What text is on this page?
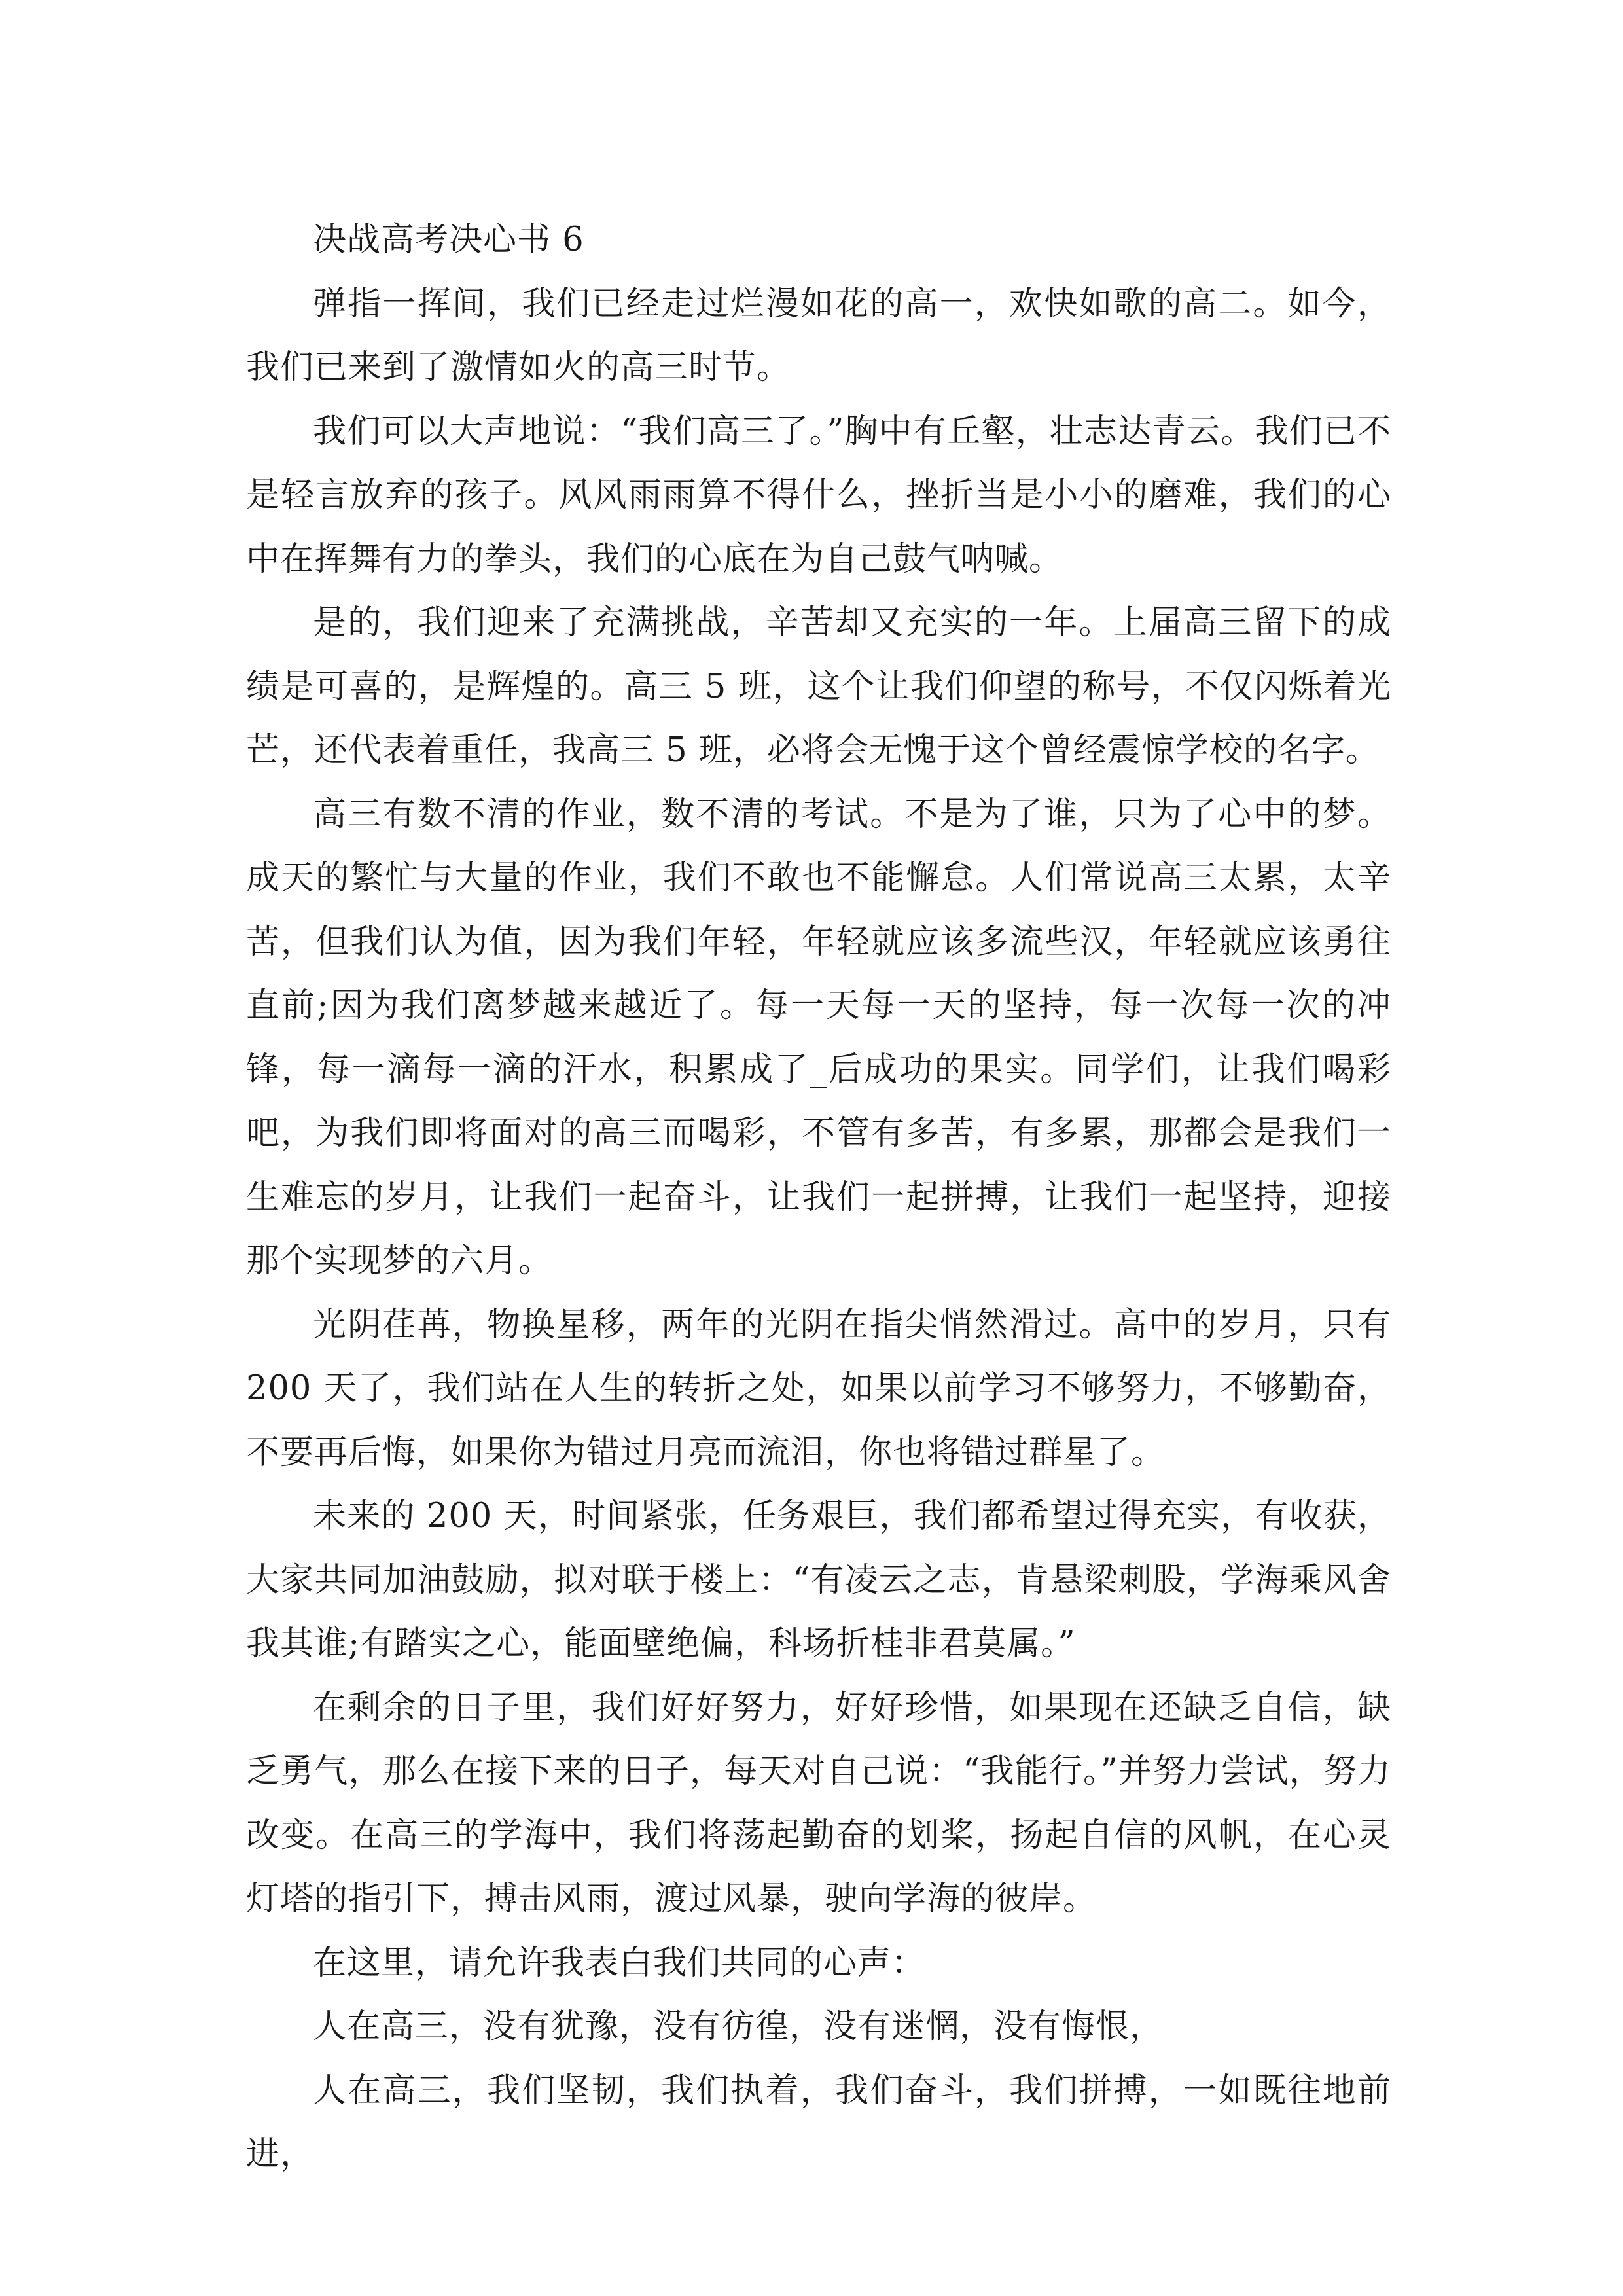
决战高考决心书 6

弹指一挥间，我们已经走过烂漫如花的高一，欢快如歌的高二。如今，我们已来到了激情如火的高三时节。

我们可以大声地说：“我们高三了。”胸中有丘壑，壮志达青云。我们已不是轻言放弃的孩子。风风雨雨算不得什么，挫折当是小小的磨难，我们的心中在挥舞有力的拳头，我们的心底在为自己鼓气呐喊。

是的，我们迎来了充满挑战，辛苦却又充实的一年。上届高三留下的成绩是可喜的，是辉煌的。高三 5 班，这个让我们仰望的称号，不仅闪烁着光芒，还代表着重任，我高三 5 班，必将会无愧于这个曾经震惊学校的名字。

高三有数不清的作业，数不清的考试。不是为了谁，只为了心中的梦。成天的繁忙与大量的作业，我们不敢也不能懈怠。人们常说高三太累，太辛苦，但我们认为值，因为我们年轻，年轻就应该多流些汉，年轻就应该勇往直前;因为我们离梦越来越近了。每一天每一天的坚持，每一次每一次的冲锋，每一滴每一滴的汗水，积累成了_后成功的果实。同学们，让我们喝彩吧，为我们即将面对的高三而喝彩，不管有多苦，有多累，那都会是我们一生难忘的岁月，让我们一起奋斗，让我们一起拼搏，让我们一起坚持，迎接那个实现梦的六月。

光阴荏苒，物换星移，两年的光阴在指尖悄然滑过。高中的岁月，只有 200 天了，我们站在人生的转折之处，如果以前学习不够努力，不够勤奋，不要再后悔，如果你为错过月亮而流泪，你也将错过群星了。

未来的 200 天，时间紧张，任务艰巨，我们都希望过得充实，有收获，大家共同加油鼓励，拟对联于楼上：“有凌云之志，肯悬梁刺股，学海乘风舍我其谁;有踏实之心，能面壁绝偏，科场折桂非君莫属。”

在剩余的日子里，我们好好努力，好好珍惜，如果现在还缺乏自信，缺乏勇气，那么在接下来的日子，每天对自己说：“我能行。”并努力尝试，努力改变。在高三的学海中，我们将荡起勤奋的划桨，扬起自信的风帆，在心灵灯塔的指引下，搏击风雨，渡过风暴，驶向学海的彼岸。

在这里，请允许我表白我们共同的心声：

人在高三，没有犹豫，没有彷徨，没有迷惘，没有悔恨，

人在高三，我们坚韧，我们执着，我们奋斗，我们拼搏，一如既往地前进，
